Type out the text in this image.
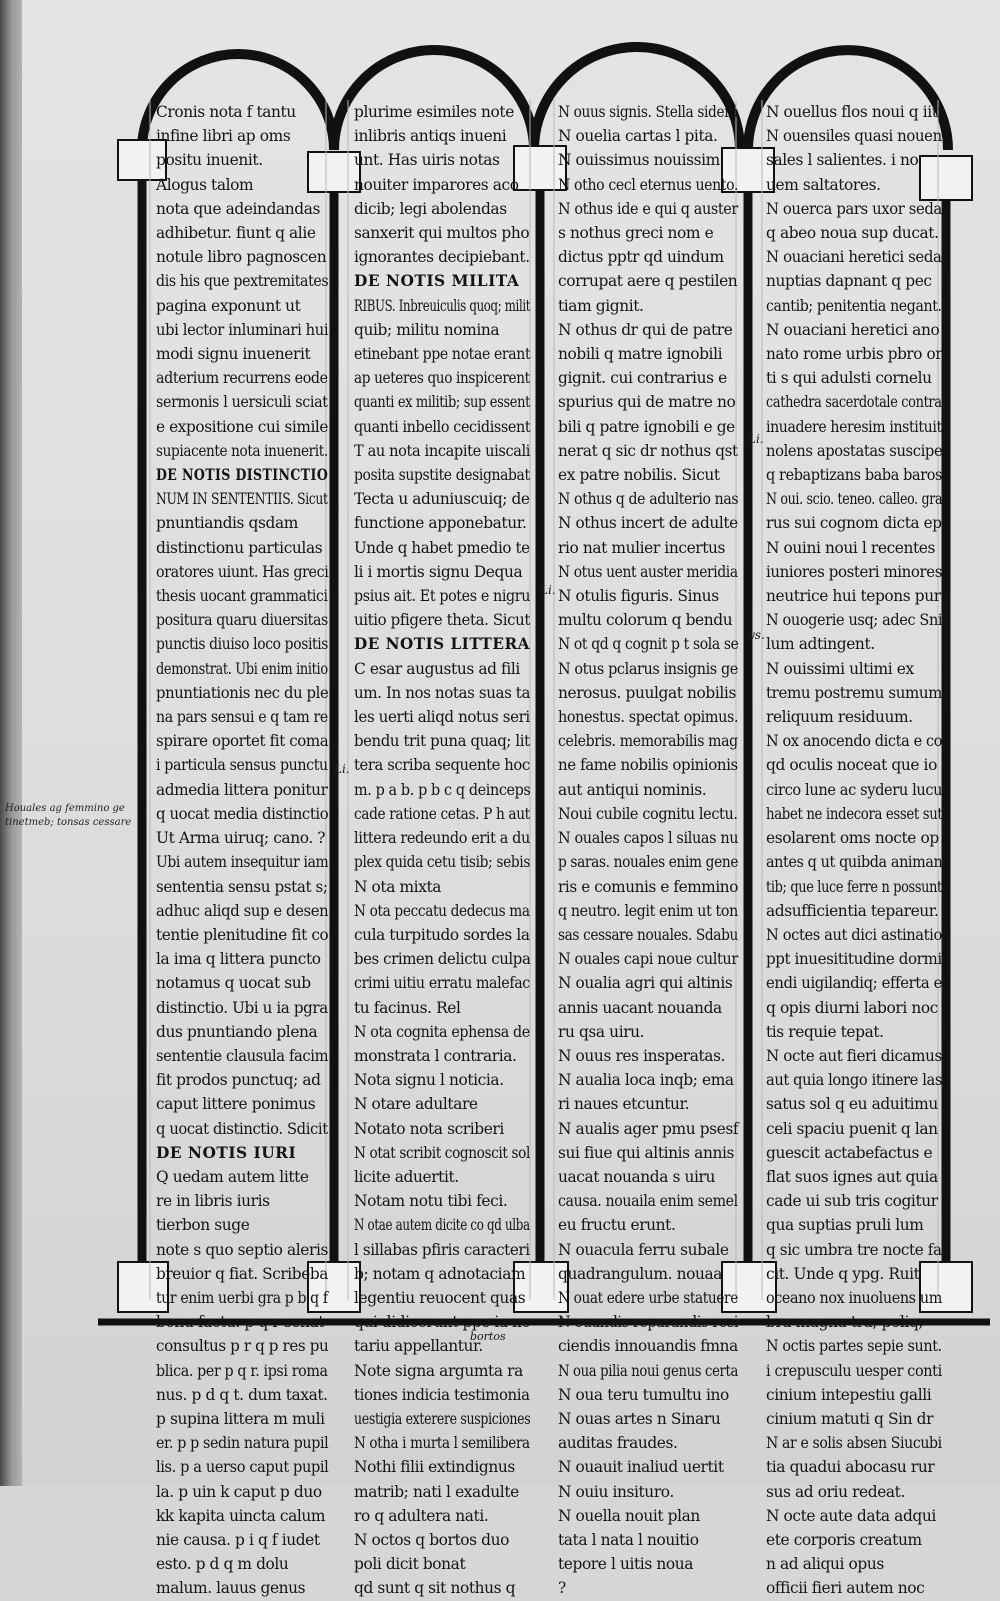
Houales ag femmino ge
tinetmeb; tonsas cessare
Cronis nota f tantu
infine libri ap oms
positu inuenit.
Alogus talom
nota que adeindandas
adhibetur. fiunt q alie
notule libro pagnoscen
dis his que pextremitates
pagina exponunt ut
ubi lector inluminari hui
modi signu inuenerit
adterium recurrens eode
sermonis l uersiculi sciat
e expositione cui simile
supiacente nota inuenerit.
DE NOTIS DISTINCTIO
NUM IN SENTENTIIS. Sicut
pnuntiandis qsdam
distinctionu particulas
oratores uiunt. Has greci
thesis uocant grammatici
positura quaru diuersitas
punctis diuiso loco positis
demonstrat. Ubi enim initio
pnuntiationis nec du ple
na pars sensui e q tam re
spirare oportet fit coma
i particula sensus punctu
admedia littera ponitur
q uocat media distinctio
Ut Arma uiruq; cano. ?
Ubi autem insequitur iam
sententia sensu pstat s;
adhuc aliqd sup e desen
tentie plenitudine fit co
la ima q littera puncto
notamus q uocat sub
distinctio. Ubi u ia pgra
dus pnuntiando plena
sententie clausula facim
fit prodos punctuq; ad
caput littere ponimus
q uocat distinctio. Sdicit
DE NOTIS IURI
Q uedam autem litte
re in libris iuris
tierbon suge
note s quo septio aleris
breuior q fiat. Scribeba
tur enim uerbi gra p b q f
bonu factu. p q r senat
consultus p r q p res pu
blica. per p q r. ipsi roma
nus. p d q t. dum taxat.
p supina littera m muli
er. p p sedin natura pupil
lis. p a uerso caput pupil
la. p uin k caput p duo
kk kapita uincta calum
nie causa. p i q f iudet
esto. p d q m dolu
malum. lauus genus
plurime esimiles note
inlibris antiqs inueni
unt. Has uiris notas
nouiter imparores aco
dicib; legi abolendas
sanxerit qui multos pho
ignorantes decipiebant.
DE NOTIS MILITA
RIBUS. Inbreuiculis quoq; milit
quib; militu nomina
etinebant ppe notae erant
ap ueteres quo inspicerent
quanti ex militib; sup essent
quanti inbello cecidissent
T au nota incapite uiscali
posita supstite designabat
Tecta u aduniuscuiq; de
functione apponebatur.
Unde q habet pmedio te
li i mortis signu Dequa
psius ait. Et potes e nigru
uitio pfigere theta. Sicut
DE NOTIS LITTERA
C esar augustus ad fili
um. In nos notas suas ta
les uerti aliqd notus seri
bendu trit puna quaq; lit
tera scriba sequente hoc
m. p a b. p b c q deinceps
cade ratione cetas. P h aut
littera redeundo erit a du
plex quida cetu tisib; sebis
N ota mixta
N ota peccatu dedecus ma
cula turpitudo sordes la
bes crimen delictu culpa
crimi uitiu erratu malefac
tu facinus. Rel
N ota cognita ephensa de
monstrata l contraria.
Nota signu l noticia.
N otare adultare
Notato nota scriberi
N otat scribit cognoscit sol
licite aduertit.
Notam notu tibi feci.
N otae autem dicite co qd ulba
l sillabas pfiris caracteri
b; notam q adnotaciam
legentiu reuocent quas
qui didicerunt ppe ia no
tariu appellantur.
Note signa argumta ra
tiones indicia testimonia
uestigia exterere suspiciones
N otha i murta l semilibera
Nothi filii extindignus
matrib; nati l exadulte
ro q adultera nati.
N octos q bortos duo
poli dicit bonat
qd sunt q sit nothus q
N ouus signis. Stella sidera
N ouelia cartas l pita.
N ouissimus nouissim
N otho cecl eternus uento.
N othus ide e qui q auster
s nothus greci nom e
dictus pptr qd uindum
corrupat aere q pestilen
tiam gignit.
N othus dr qui de patre
nobili q matre ignobili
gignit. cui contrarius e
spurius qui de matre no
bili q patre ignobili e ge
nerat q sic dr nothus qst
ex patre nobilis. Sicut
N othus q de adulterio nas
N othus incert de adulte
rio nat mulier incertus
N otus uent auster meridia
N otulis figuris. Sinus
multu colorum q bendu
N ot qd q cognit p t sola se
N otus pclarus insignis ge
nerosus. puulgat nobilis
honestus. spectat opimus.
celebris. memorabilis mag
ne fame nobilis opinionis
aut antiqui nominis.
Noui cubile cognitu lectu.
N ouales capos l siluas nu
p saras. nouales enim gene
ris e comunis e femmino
q neutro. legit enim ut ton
sas cessare nouales. Sdabu
N ouales capi noue cultur
N oualia agri qui altinis
annis uacant nouanda
ru qsa uiru.
N ouus res insperatas.
N aualia loca inqb; ema
ri naues etcuntur.
N aualis ager pmu psesf
sui fiue qui altinis annis
uacat nouanda s uiru
causa. nouaila enim semel
eu fructu erunt.
N ouacula ferru subale
quadrangulum. nouaa
N ouat edere urbe statuere
N ouandis reparandis resi
ciendis innouandis fmna
N oua pilia noui genus certa
N oua teru tumultu ino
N ouas artes n Sinaru
auditas fraudes.
N ouauit inaliud uertit
N ouiu insituro.
N ouella nouit plan
tata l nata l nouitio
tepore l uitis noua
?
N ouellus flos noui q iiti
N ouensiles quasi nouen
sales l salientes. i no
uem saltatores.
N ouerca pars uxor seda
q abeo noua sup ducat.
N ouaciani heretici seda
nuptias dapnant q pec
cantib; penitentia negant.
N ouaciani heretici ano
nato rome urbis pbro or
ti s qui adulsti cornelu
cathedra sacerdotale contra
inuadere heresim instituit
nolens apostatas suscipe
q rebaptizans baba baros
N oui. scio. teneo. calleo. gra
rus sui cognom dicta ep
N ouini noui l recentes
iuniores posteri minores
neutrice hui tepons pur
N ouogerie usq; adec Sni
lum adtingent.
N ouissimi ultimi ex
tremu postremu sumum
reliquum residuum.
N ox anocendo dicta e co
qd oculis noceat que io
circo lune ac syderu lucu
habet ne indecora esset sut
esolarent oms nocte op
antes q ut quibda animan
tib; que luce ferre n possunt
adsufficientia tepareur.
N octes aut dici astinatio
ppt inuesititudine dormi
endi uigilandiq; efferta e
q opis diurni labori noc
tis requie tepat.
N octe aut fieri dicamus
aut quia longo itinere las
satus sol q eu aduitimu
celi spaciu puenit q lan
guescit actabefactus e
flat suos ignes aut quia
cade ui sub tris cogitur
qua suptias pruli lum
q sic umbra tre nocte fa
cit. Unde q ypg. Ruit
oceano nox inuoluens um
bra magna tra; poliq;
N octis partes sepie sunt.
i crepusculu uesper conti
cinium intepestiu galli
cinium matuti q Sin dr
N ar e solis absen Siucubi
tia quadui abocasu rur
sus ad oriu redeat.
N octe aute data adqui
ete corporis creatum
n ad aliqui opus
officii fieri autem noc
Li.
Li.
Li.
ys.
bortos
